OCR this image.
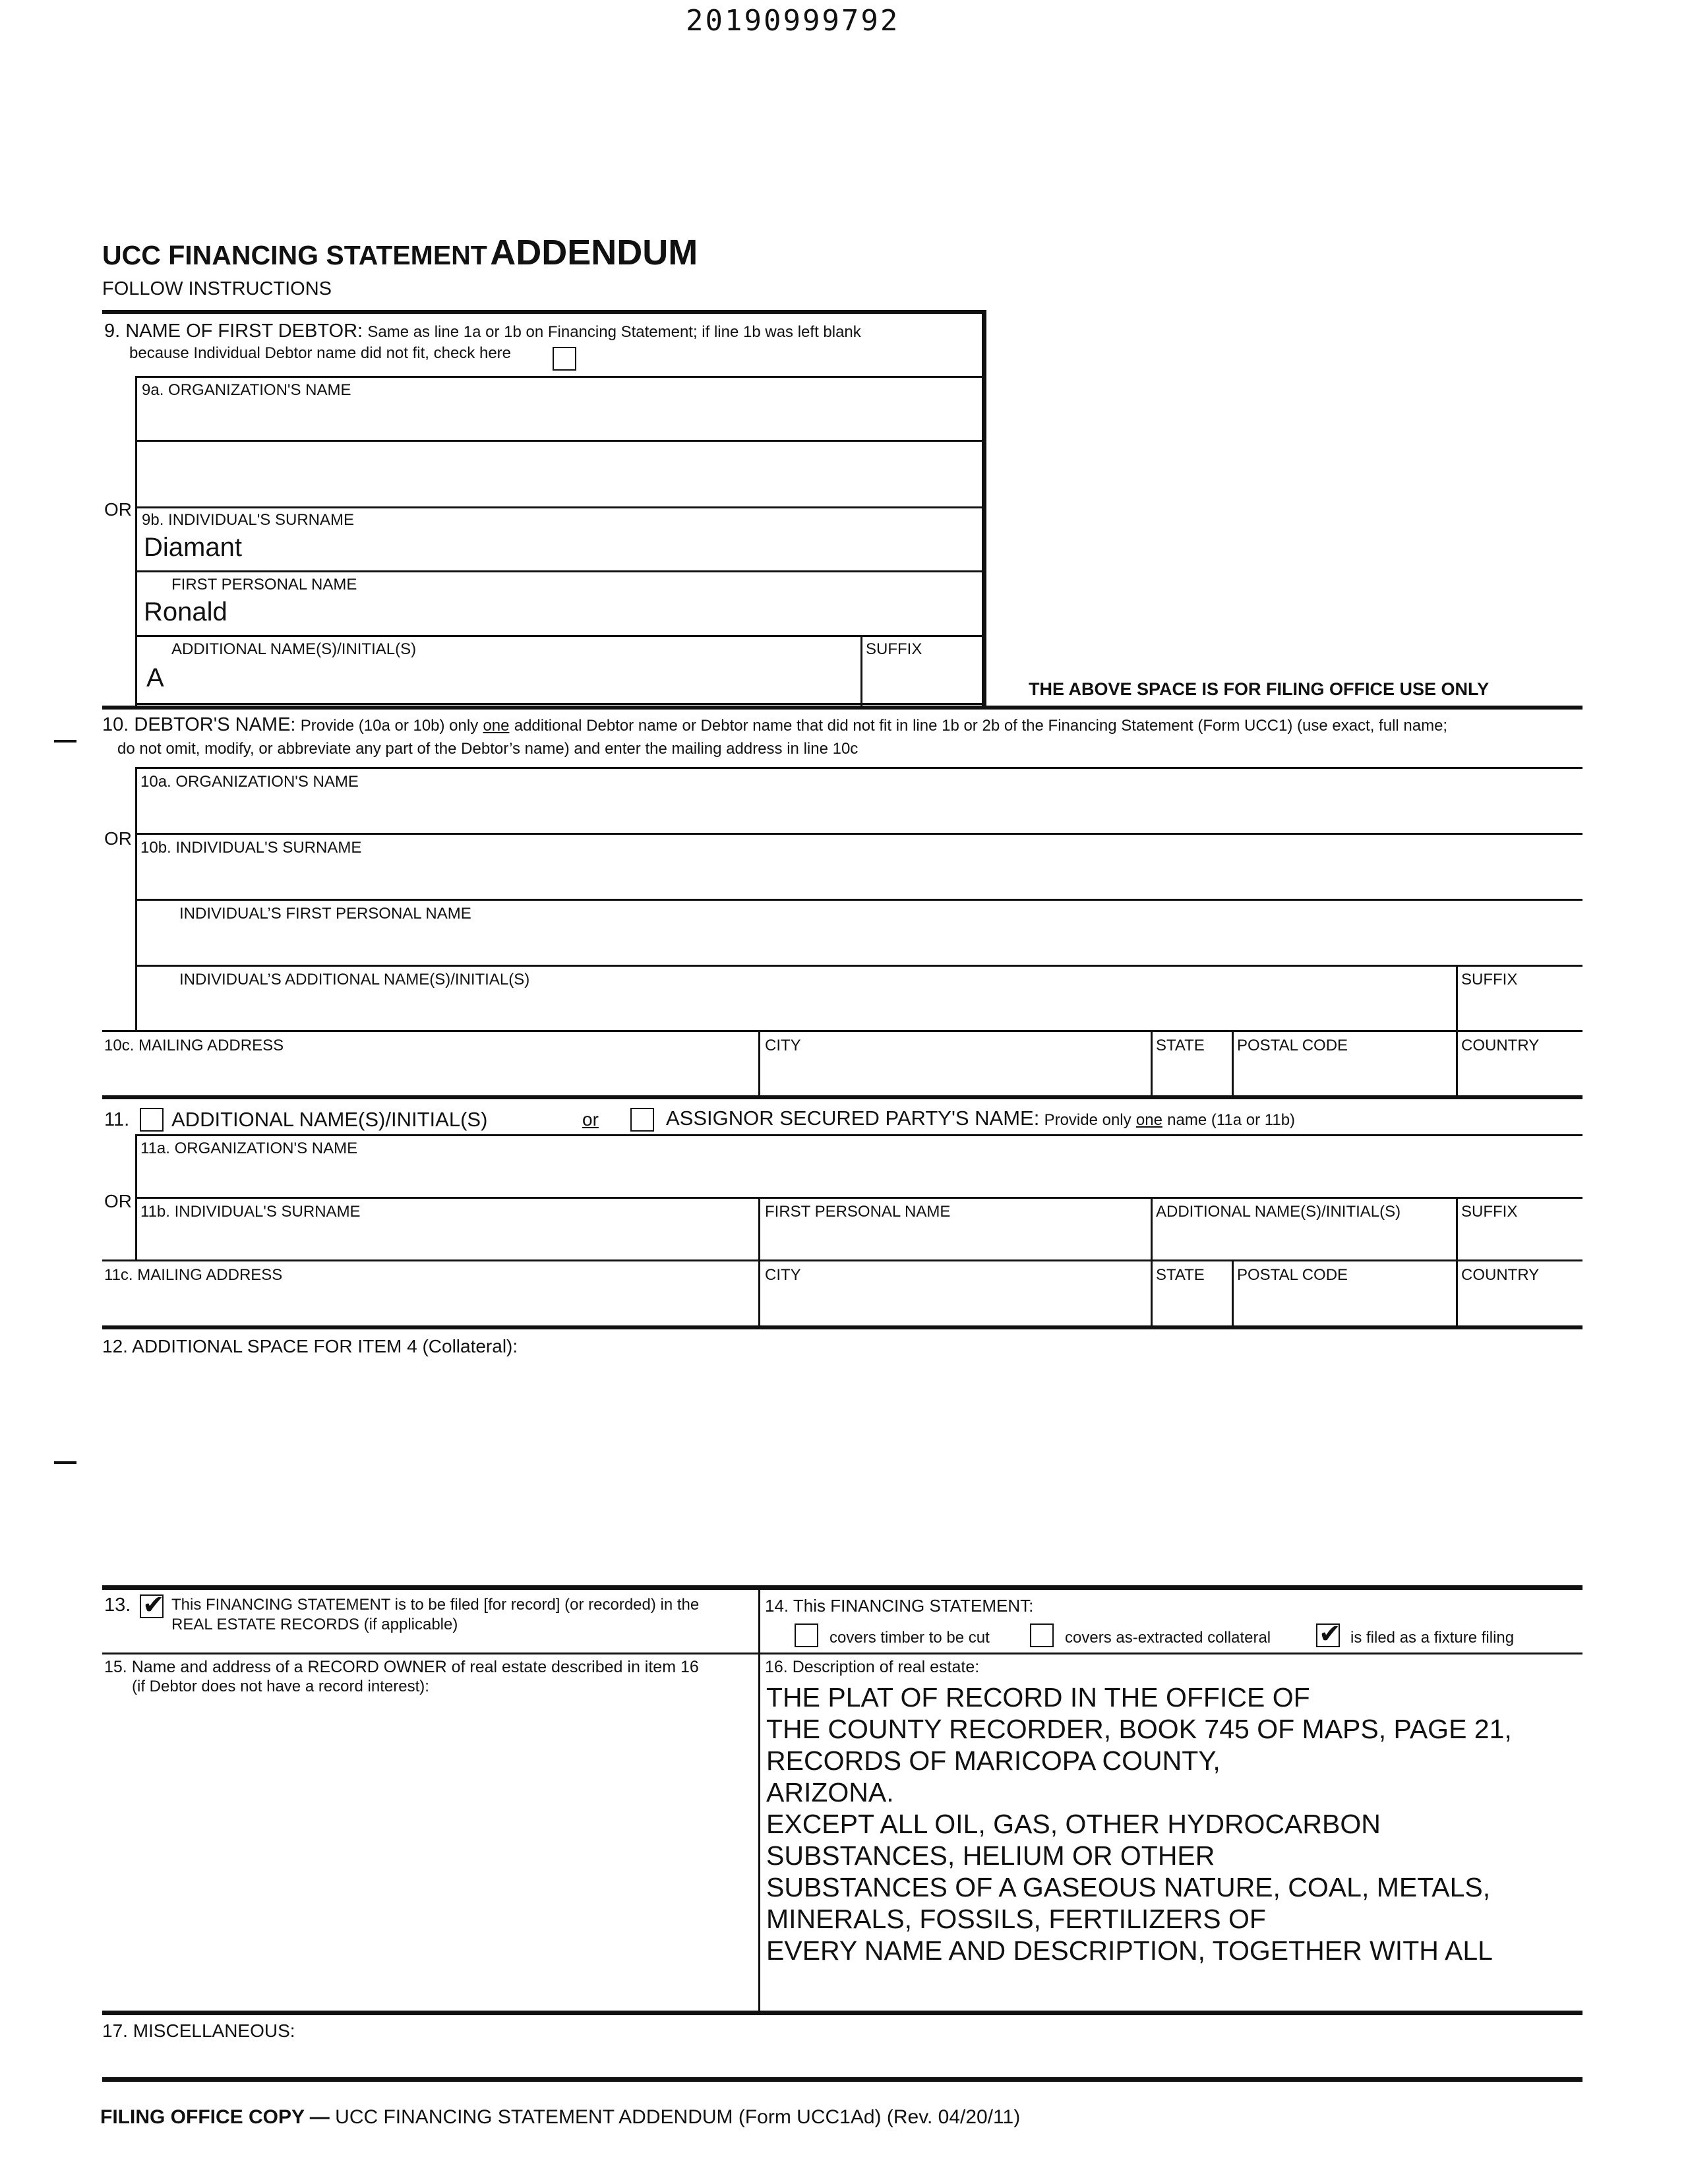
20190999792
UCC FINANCING STATEMENT ADDENDUM
FOLLOW INSTRUCTIONS
9. NAME OF FIRST DEBTOR: Same as line 1a or 1b on Financing Statement; if line 1b was left blank
because Individual Debtor name did not fit, check here
9a. ORGANIZATION'S NAME
OR
9b. INDIVIDUAL'S SURNAME
Diamant
FIRST PERSONAL NAME
Ronald
ADDITIONAL NAME(S)/INITIAL(S)
A
SUFFIX
THE ABOVE SPACE IS FOR FILING OFFICE USE ONLY
10. DEBTOR'S NAME: Provide (10a or 10b) only one additional Debtor name or Debtor name that did not fit in line 1b or 2b of the Financing Statement (Form UCC1) (use exact, full name;
do not omit, modify, or abbreviate any part of the Debtor’s name) and enter the mailing address in line 10c
10a. ORGANIZATION'S NAME
OR 10b. INDIVIDUAL'S SURNAME
INDIVIDUAL’S FIRST PERSONAL NAME
INDIVIDUAL’S ADDITIONAL NAME(S)/INITIAL(S)	SUFFIX
10c. MAILING ADDRESS	CITY	STATE POSTAL CODE	COUNTRY
11. ADDITIONAL NAME(S)/INITIAL(S)	or	ASSIGNOR SECURED PARTY'S NAME: Provide only one name (11a or 11b)
11a. ORGANIZATION'S NAME
OR
11b. INDIVIDUAL'S SURNAME	FIRST PERSONAL NAME	ADDITIONAL NAME(S)/INITIAL(S)	SUFFIX
11c. MAILING ADDRESS	CITY	STATE POSTAL CODE	COUNTRY
12. ADDITIONAL SPACE FOR ITEM 4 (Collateral):
13. ✔	This FINANCING STATEMENT is to be filed [for record] (or recorded) in the
REAL ESTATE RECORDS (if applicable)
14. This FINANCING STATEMENT:
covers timber to be cut	covers as-extracted collateral ✔	is filed as a fixture filing
15. Name and address of a RECORD OWNER of real estate described in item 16
(if Debtor does not have a record interest):
16. Description of real estate:
THE PLAT OF RECORD IN THE OFFICE OF
THE COUNTY RECORDER, BOOK 745 OF MAPS, PAGE 21,
RECORDS OF MARICOPA COUNTY,
ARIZONA.
EXCEPT ALL OIL, GAS, OTHER HYDROCARBON
SUBSTANCES, HELIUM OR OTHER
SUBSTANCES OF A GASEOUS NATURE, COAL, METALS,
MINERALS, FOSSILS, FERTILIZERS OF
EVERY NAME AND DESCRIPTION, TOGETHER WITH ALL
17. MISCELLANEOUS:
FILING OFFICE COPY — UCC FINANCING STATEMENT ADDENDUM (Form UCC1Ad) (Rev. 04/20/11)
